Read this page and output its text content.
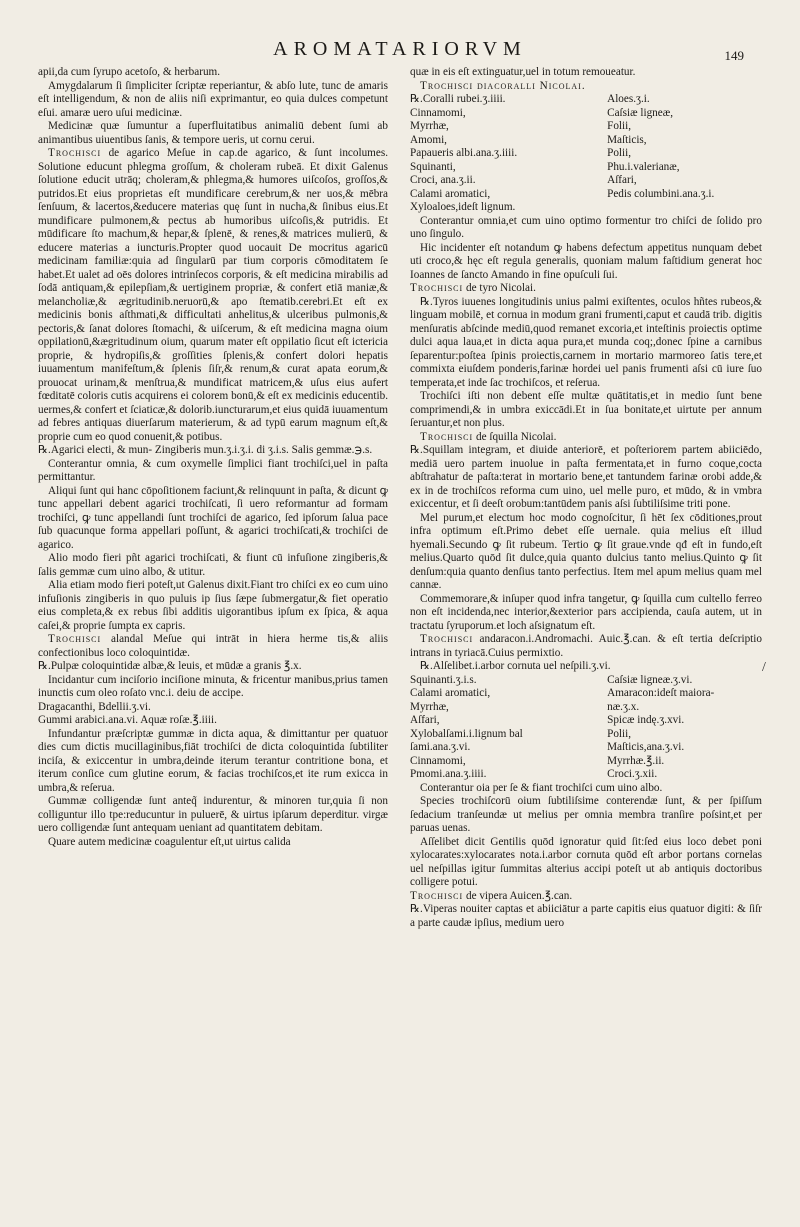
AROMATARIORVM	149

apii,da cum ſyrupo acetoſo, & herbarum.

Amygdalarum ſi ſimpliciter ſcriptæ reperiantur, & abſo lute, tunc de amaris eſt intelligendum, & non de aliis niſi exprimantur, eo quia dulces competunt eſui. amaræ uero uſui medicinæ.

Medicinæ quæ ſumuntur a ſuperfluitatibus animaliū debent ſumi ab animantibus uiuentibus ſanis, & tempore ueris, ut cornu cerui.

Trochisci de agarico Meſue in cap.de agarico, & ſunt incolumes. Solutione educunt phlegma groſſum, & choleram rubeā. Et dixit Galenus ſolutione educit utrāq; choleram,& phlegma,& humores uiſcoſos, groſſos,& putridos.Et eius proprietas eſt mundificare cerebrum,& ner uos,& mēbra ſenſuum, & lacertos,&educere materias quę ſunt in nucha,& ſinibus eius.Et mundificare pulmonem,& pectus ab humoribus uiſcoſis,& putridis. Et mūdificare ſto machum,& hepar,& ſplenē, & renes,& matrices mulierū, & educere materias a iuncturis.Propter quod uocauit De mocritus agaricū medicinam familiæ:quia ad ſingularū par tium corporis cōmoditatem ſe habet.Et ualet ad oēs dolores intrinſecos corporis, & eſt medicina mirabilis ad ſodā antiquam,& epilepſiam,& uertiginem propriæ, & confert etiā maniæ,& melancholiæ,& ægritudinib.neruorū,& apo ſtematib.cerebri.Et eſt ex medicinis bonis aſthmati,& difficultati anhelitus,& ulceribus pulmonis,& pectoris,& ſanat dolores ſtomachi, & uiſcerum, & eſt medicina magna oium oppilationū,&ægritudinum oium, quarum mater eſt oppilatio ſicut eſt ictericia proprie, & hydropiſis,& groſſities ſplenis,& confert dolori hepatis iuuamentum manifeſtum,& ſplenis ſiſr,& renum,& curat apata eorum,& prouocat urinam,& menſtrua,& mundificat matricem,& uſus eius aufert fœditatē coloris cutis acquirens ei colorem bonū,& eſt ex medicinis educentib. uermes,& confert et ſciaticæ,& dolorib.iuncturarum,et eius quidā iuuamentum ad febres antiquas diuerſarum materierum, & ad typū earum magnum eſt,& proprie cum eo quod conuenit,& potibus.

℞.Agarici electi, & mun- Zingiberis mun.ʒ.i.ʒ.i. di ʒ.i.s. Salis gemmæ.℈.s.

Conterantur omnia, & cum oxymelle ſimplici fiant trochiſci,uel in paſta permittantur.

Aliqui ſunt qui hanc cōpoſitionem faciunt,& relinquunt in paſta, & dicunt ꝙ tunc appellari debent agarici trochiſcati, ſi uero reformantur ad formam trochiſci, ꝙ tunc appellandi ſunt trochiſci de agarico, ſed ipſorum ſalua pace ſub quacunque forma appellari poſſunt, & agarici trochiſcati,& trochiſci de agarico.

Alio modo fieri pñt agarici trochiſcati, & fiunt cū infuſione zingiberis,& ſalis gemmæ cum uino albo, & utitur.

Alia etiam modo fieri poteſt,ut Galenus dixit.Fiant tro chiſci ex eo cum uino infuſionis zingiberis in quo puluis ip ſius ſæpe ſubmergatur,& fiet operatio eius completa,& ex rebus ſibi additis uigorantibus ipſum ex ſpica, & aqua caſei,& proprie ſumpta ex capris.

Trochisci alandal Meſue qui intrāt in hiera herme tis,& aliis confectionibus loco coloquintidæ.

℞.Pulpæ coloquintidæ albæ,& leuis, et mūdæ a granis ℥.x.

Incidantur cum inciſorio inciſione minuta, & fricentur manibus,prius tamen inunctis cum oleo roſato vnc.i. deiu de accipe.

Dragacanthi, Bdellii.ʒ.vi.

Gummi arabici.ana.vi. Aquæ roſæ.℥.iiii.

Infundantur præſcriptæ gummæ in dicta aqua, & dimittantur per quatuor dies cum dictis mucillaginibus,fiāt trochiſci de dicta coloquintida ſubtiliter inciſa, & exiccentur in umbra,deinde iterum terantur contritione bona, et iterum conſice cum glutine eorum, & facias trochiſcos,et ite rum exicca in umbra,& reſerua.

Gummæ colligendæ ſunt anteq̃ indurentur, & minoren tur,quia ſi non colliguntur illo tpe:reducuntur in puluerē, & uirtus ipſarum deperditur. virgæ uero colligendæ ſunt antequam ueniant ad quantitatem debitam.

Quare autem medicinæ coagulentur eſt,ut uirtus calida

quæ in eis eſt extinguatur,uel in totum remoueatur.

Trochisci diacoralli Nicolai.

℞.Coralli rubei.ʒ.iiii.	Aloes.ʒ.i.
Cinnamomi,	Caſsiæ ligneæ,
Myrrhæ,	Folii,
Amomi,	Maſticis,
Papaueris albi.ana.ʒ.iiii.	Polii,
Squinanti,	Phu.i.valerianæ,
Croci, ana.ʒ.ii.	Aſfari,
Calami aromatici,	Pedis columbini.ana.ʒ.i.
Xyloaloes,ideſt lignum.	

Conterantur omnia,et cum uino optimo formentur tro chiſci de ſolido pro uno ſingulo.

Hic incidenter eſt notandum ꝙ habens defectum appetitus nunquam debet uti croco,& hęc eſt regula generalis, quoniam malum faſtidium generat hoc Ioannes de ſancto Amando in fine opuſculi ſui.

Trochisci de tyro Nicolai.

℞.Tyros iuuenes longitudinis unius palmi exiſtentes, oculos hñtes rubeos,& linguam mobilē, et cornua in modum grani frumenti,caput et caudā trib. digitis menſuratis abſcinde mediū,quod remanet excoria,et inteſtinis proiectis optime dulci aqua laua,et in dicta aqua pura,et munda coq;,donec ſpine a carnibus ſeparentur:poſtea ſpinis proiectis,carnem in mortario marmoreo ſatis tere,et commixta eiuſdem ponderis,farinæ hordei uel panis frumenti aſsi cū iure ſuo temperata,et inde ſac trochiſcos, et reſerua.

Trochiſci iſti non debent eſſe multæ quātitatis,et in medio ſunt bene comprimendi,& in umbra exiccādi.Et in ſua bonitate,et uirtute per annum ſeruantur,et non plus.

Trochisci de ſquilla Nicolai.

℞.Squillam integram, et diuide anteriorē, et poſteriorem partem abiiciēdo, mediā uero partem inuolue in paſta fermentata,et in furno coque,cocta abſtrahatur de paſta:terat in mortario bene,et tantundem farinæ orobi adde,& ex in de trochiſcos reforma cum uino, uel melle puro, et mūdo, & in vmbra exiccentur, et ſi deeſt orobum:tantūdem panis aſsi ſubtiliſsime triti pone.

Mel purum,et electum hoc modo cognoſcitur, ſi hēt ſex cōditiones,prout infra optimum eſt.Primo debet eſſe uernale. quia melius eſt illud hyemali.Secundo ꝙ ſit rubeum. Tertio ꝙ ſit graue.vnde qđ eſt in fundo,eſt melius.Quarto quōd ſit dulce,quia quanto dulcius tanto melius.Quinto ꝙ ſit denſum:quia quanto denſius tanto perfectius. Item mel apum melius quam mel cannæ.

Commemorare,& inſuper quod infra tangetur, ꝙ ſquilla cum cultello ferreo non eſt incidenda,nec interior,&exterior pars accipienda, cauſa autem, ut in tractatu ſyruporum.et loch aſsignatum eſt.

Trochisci andaracon.i.Andromachi. Auic.℥.can. & eſt tertia deſcriptio intrans in tyriacā.Cuius permixtio.

℞.Alſelibet.i.arbor cornuta uel neſpili.ʒ.vi.

Squinanti.ʒ.i.s.	Caſsiæ ligneæ.ʒ.vi.
Calami aromatici,	Amaracon:ideſt maiora-
Myrrhæ,	næ.ʒ.x.
Aſfari,	Spicæ indę.ʒ.xvi.
Xylobalſami.i.lignum bal	Polii,
ſami.ana.ʒ.vi.	Maſticis,ana.ʒ.vi.
Cinnamomi,	Myrrhæ.℥.ii.
Pmomi.ana.ʒ.iiii.	Croci.ʒ.xii.

Conterantur oia per ſe & fiant trochiſci cum uino albo.

Species trochiſcorū oium ſubtiliſsime conterendæ ſunt, & per ſpiſſum ſedacium tranſeundæ ut melius per omnia membra tranſire poſsint,et per paruas uenas.

Aſſelibet dicit Gentilis quōd ignoratur quid ſit:ſed eius loco debet poni xylocarates:xylocarates nota.i.arbor cornuta quōd eſt arbor portans cornelas uel neſpillas igitur ſummitas alterius accipi poteſt ut ab antiquis doctoribus colligere potui.

Trochisci de vipera Auicen.℥.can.

℞.Viperas nouiter captas et abiiciātur a parte capitis eius quatuor digiti: & ſiſr a parte caudæ ipſius, medium uero

/
